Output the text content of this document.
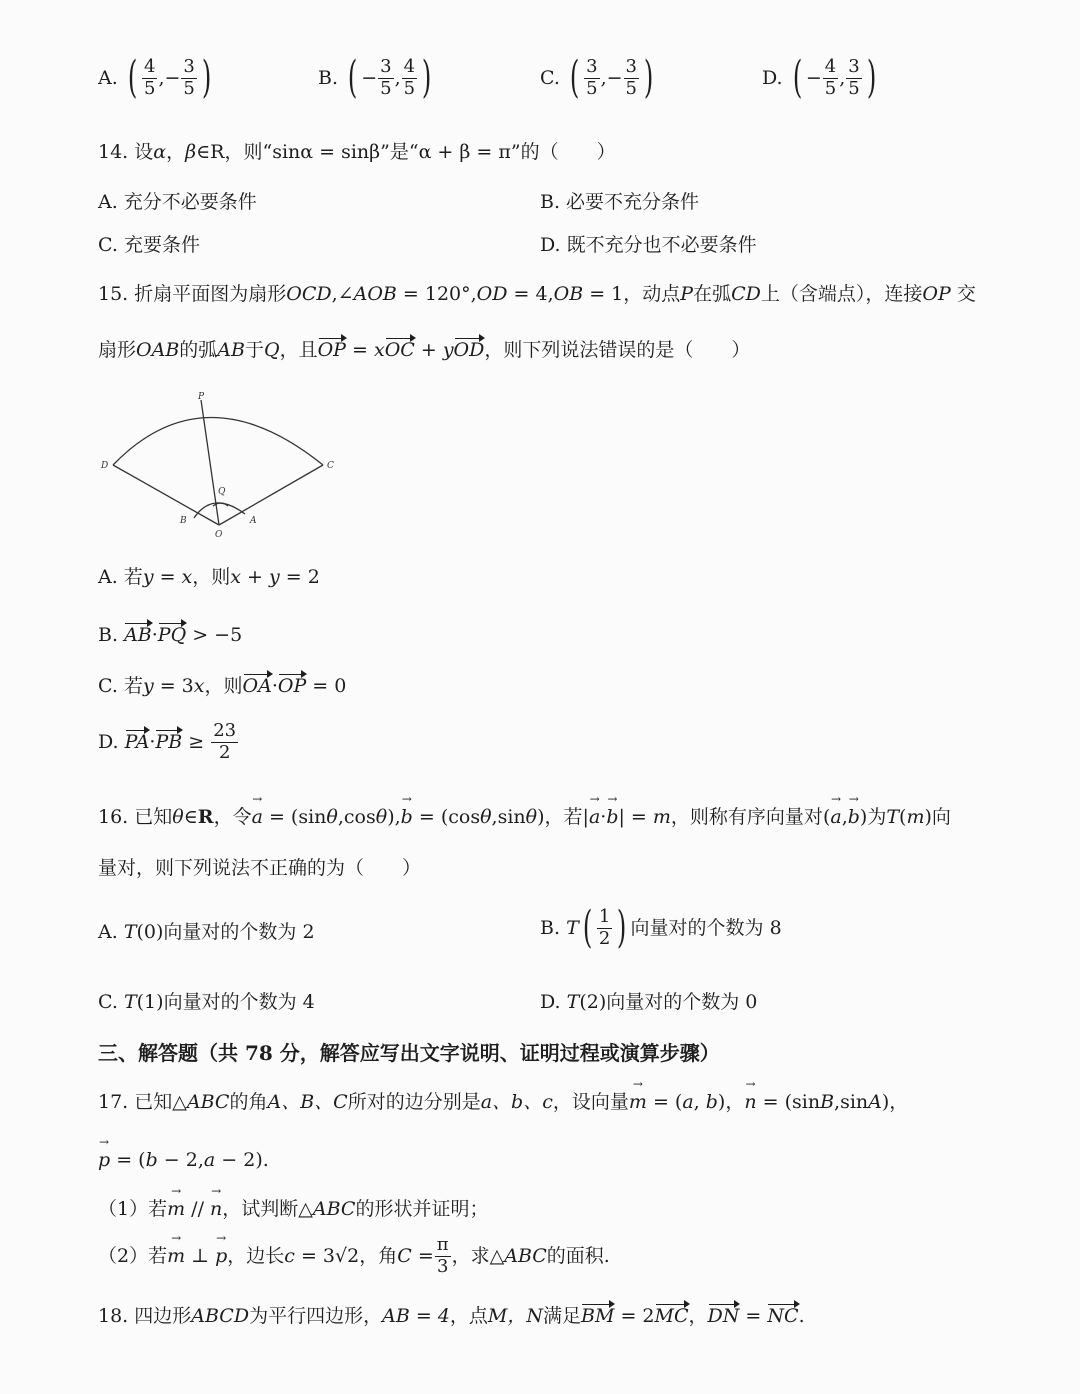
A. ( $\frac{4}{5}$ ,− $\frac{3}{5}$ )	B. ( − $\frac{3}{5}$ , $\frac{4}{5}$ )	C. ( $\frac{3}{5}$ ,− $\frac{3}{5}$ )	D. ( − $\frac{4}{5}$ , $\frac{3}{5}$ )
14. 设α，β∈R，则“sinα = sinβ”是“α + β = π”的（　　）
A. 充分不必要条件	B. 必要不充分条件
C. 充要条件	D. 既不充分也不必要条件
15. 折扇平面图为扇形OCD,∠AOB = 120°,OD = 4,OB = 1，动点P在弧CD上（含端点），连接OP 交
扇形OAB的弧AB于Q，且OP = xOC + yOD，则下列说法错误的是（　　）
P
D	C
Q
B	A
O
A. 若y = x，则x + y = 2
B. AB·PQ > −5
C. 若y = 3x，则OA·OP = 0
D. $PA\cdot PB \ge \frac{23}{2}$
16. 已知θ∈R，令→ a = (sinθ,cosθ),→ b = (cosθ,sinθ)，若|→ a·→ b| = m，则称有序向量对(→ a,→ b)为T(m)向
量对，则下列说法不正确的为（　　）
A. T(0)向量对的个数为 2	B. $T( \frac{1}{2}$ ) 向量对的个数为 8
C. T(1)向量对的个数为 4	D. T(2)向量对的个数为 0
三、解答题（共 78 分，解答应写出文字说明、证明过程或演算步骤）
17. 已知△ABC的角A、B、C所对的边分别是a、b、c，设向量→ m = (a, b)，→ n = (sinB,sinA)，
→ p = (b − 2,a − 2).
（1）若→ m // → n，试判断△ABC的形状并证明；
（2）若→ m ⊥ → p，边长c = 3√2，角$C = \frac{\pi}{3}$ ，求△ABC的面积.
18. 四边形ABCD为平行四边形，AB = 4，点M，N满足BM = 2MC，DN = NC.
